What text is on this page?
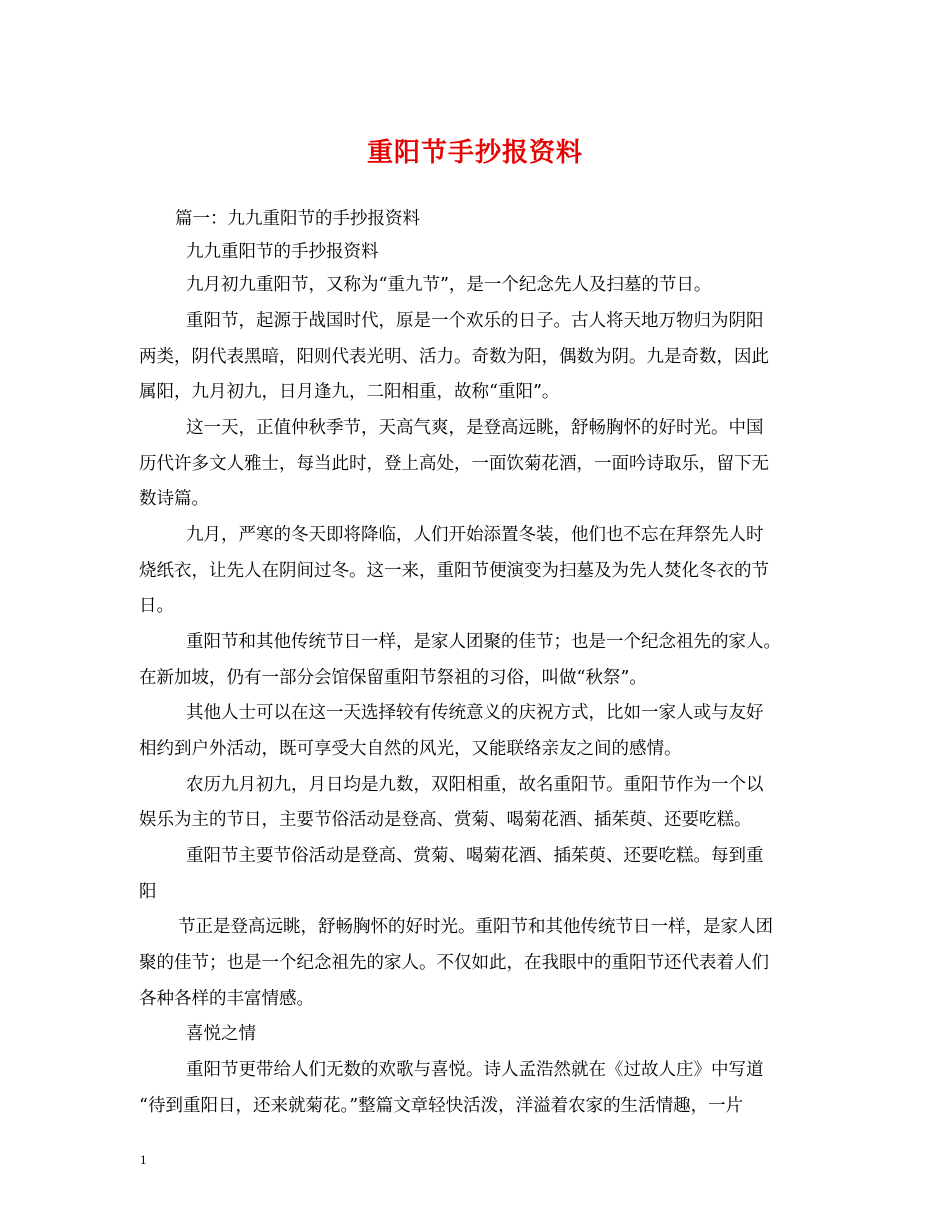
重阳节手抄报资料
篇一：九九重阳节的手抄报资料
九九重阳节的手抄报资料
九月初九重阳节，又称为“重九节”，是一个纪念先人及扫墓的节日。
重阳节，起源于战国时代，原是一个欢乐的日子。古人将天地万物归为阴阳
两类，阴代表黑暗，阳则代表光明、活力。奇数为阳，偶数为阴。九是奇数，因此
属阳，九月初九，日月逢九，二阳相重，故称“重阳”。
这一天，正值仲秋季节，天高气爽，是登高远眺，舒畅胸怀的好时光。中国
历代许多文人雅士，每当此时，登上高处，一面饮菊花酒，一面吟诗取乐，留下无
数诗篇。
九月，严寒的冬天即将降临，人们开始添置冬装，他们也不忘在拜祭先人时
烧纸衣，让先人在阴间过冬。这一来，重阳节便演变为扫墓及为先人焚化冬衣的节
日。
重阳节和其他传统节日一样，是家人团聚的佳节；也是一个纪念祖先的家人。
在新加坡，仍有一部分会馆保留重阳节祭祖的习俗，叫做“秋祭”。
其他人士可以在这一天选择较有传统意义的庆祝方式，比如一家人或与友好
相约到户外活动，既可享受大自然的风光，又能联络亲友之间的感情。
农历九月初九，月日均是九数，双阳相重，故名重阳节。重阳节作为一个以
娱乐为主的节日，主要节俗活动是登高、赏菊、喝菊花酒、插茱萸、还要吃糕。
重阳节主要节俗活动是登高、赏菊、喝菊花酒、插茱萸、还要吃糕。每到重
阳
节正是登高远眺，舒畅胸怀的好时光。重阳节和其他传统节日一样，是家人团
聚的佳节；也是一个纪念祖先的家人。不仅如此，在我眼中的重阳节还代表着人们
各种各样的丰富情感。
喜悦之情
重阳节更带给人们无数的欢歌与喜悦。诗人孟浩然就在《过故人庄》中写道
“待到重阳日，还来就菊花。”整篇文章轻快活泼，洋溢着农家的生活情趣，一片
1
